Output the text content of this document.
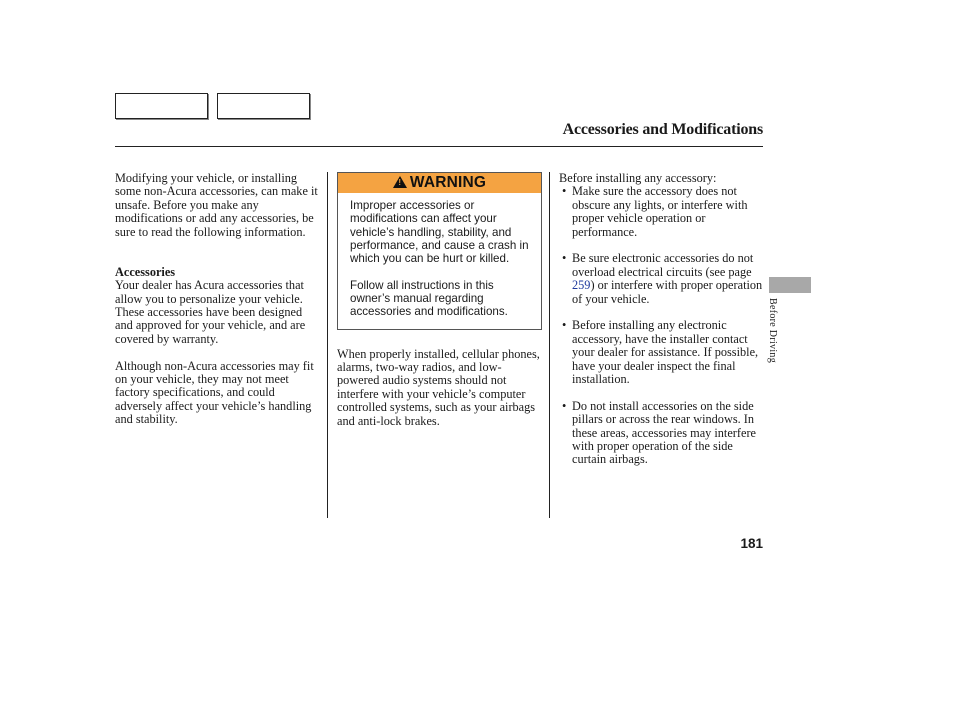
Accessories and Modifications

Modifying your vehicle, or installing some non-Acura accessories, can make it unsafe. Before you make any modifications or add any accessories, be sure to read the following information.

Accessories

Your dealer has Acura accessories that allow you to personalize your vehicle. These accessories have been designed and approved for your vehicle, and are covered by warranty.

Although non-Acura accessories may fit on your vehicle, they may not meet factory specifications, and could adversely affect your vehicle’s handling and stability.

! WARNING

Improper accessories or modifications can affect your vehicle’s handling, stability, and performance, and cause a crash in which you can be hurt or killed.

Follow all instructions in this owner’s manual regarding accessories and modifications.

When properly installed, cellular phones, alarms, two-way radios, and low-powered audio systems should not interfere with your vehicle’s computer controlled systems, such as your airbags and anti-lock brakes.

Before installing any accessory:

• Make sure the accessory does not obscure any lights, or interfere with proper vehicle operation or performance.
• Be sure electronic accessories do not overload electrical circuits (see page 259) or interfere with proper operation of your vehicle.
• Before installing any electronic accessory, have the installer contact your dealer for assistance. If possible, have your dealer inspect the final installation.
• Do not install accessories on the side pillars or across the rear windows. In these areas, accessories may interfere with proper operation of the side curtain airbags.
Before Driving
181
